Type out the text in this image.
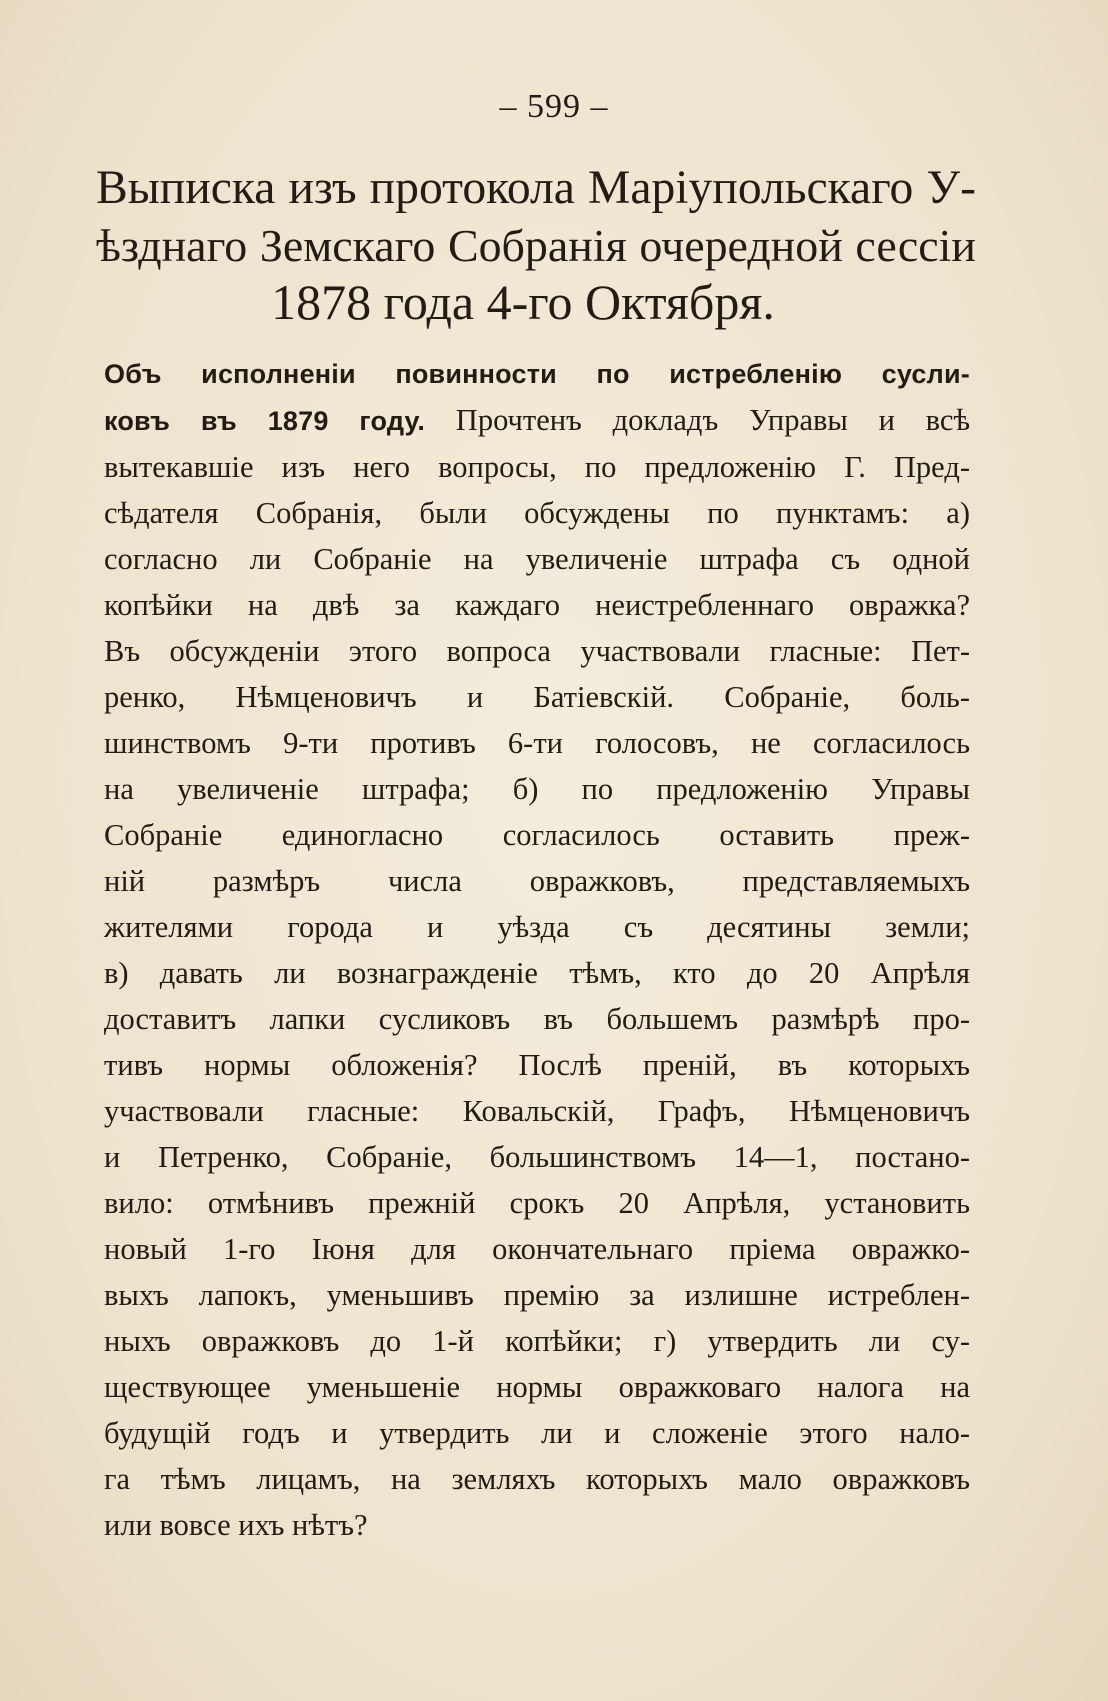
– 599 –
Выписка изъ протокола Маріупольскаго У-
ѣзднаго Земскаго Собранія очередной сессіи
1878 года 4-го Октября.
Объ исполненіи повинности по истребленію сусли-
ковъ въ 1879 году. Прочтенъ докладъ Управы и всѣ
вытекавшіе изъ него вопросы, по предложенію Г. Пред-
сѣдателя Собранія, были обсуждены по пунктамъ: а)
согласно ли Собраніе на увеличеніе штрафа съ одной
копѣйки на двѣ за каждаго неистребленнаго овражка?
Въ обсужденіи этого вопроса участвовали гласные: Пет-
ренко, Нѣмценовичъ и Батіевскій. Собраніе, боль-
шинствомъ 9-ти противъ 6-ти голосовъ, не согласилось
на увеличеніе штрафа; б) по предложенію Управы
Собраніе единогласно согласилось оставить преж-
ній размѣръ числа овражковъ, представляемыхъ
жителями города и уѣзда съ десятины земли;
в) давать ли вознагражденіе тѣмъ, кто до 20 Апрѣля
доставитъ лапки сусликовъ въ большемъ размѣрѣ про-
тивъ нормы обложенія? Послѣ преній, въ которыхъ
участвовали гласные: Ковальскій, Графъ, Нѣмценовичъ
и Петренко, Собраніе, большинствомъ 14—1, постано-
вило: отмѣнивъ прежній срокъ 20 Апрѣля, установить
новый 1-го Іюня для окончательнаго пріема овражко-
выхъ лапокъ, уменьшивъ премію за излишне истреблен-
ныхъ овражковъ до 1-й копѣйки; г) утвердить ли су-
ществующее уменьшеніе нормы овражковаго налога на
будущій годъ и утвердить ли и сложеніе этого нало-
га тѣмъ лицамъ, на земляхъ которыхъ мало овражковъ
или вовсе ихъ нѣтъ?
